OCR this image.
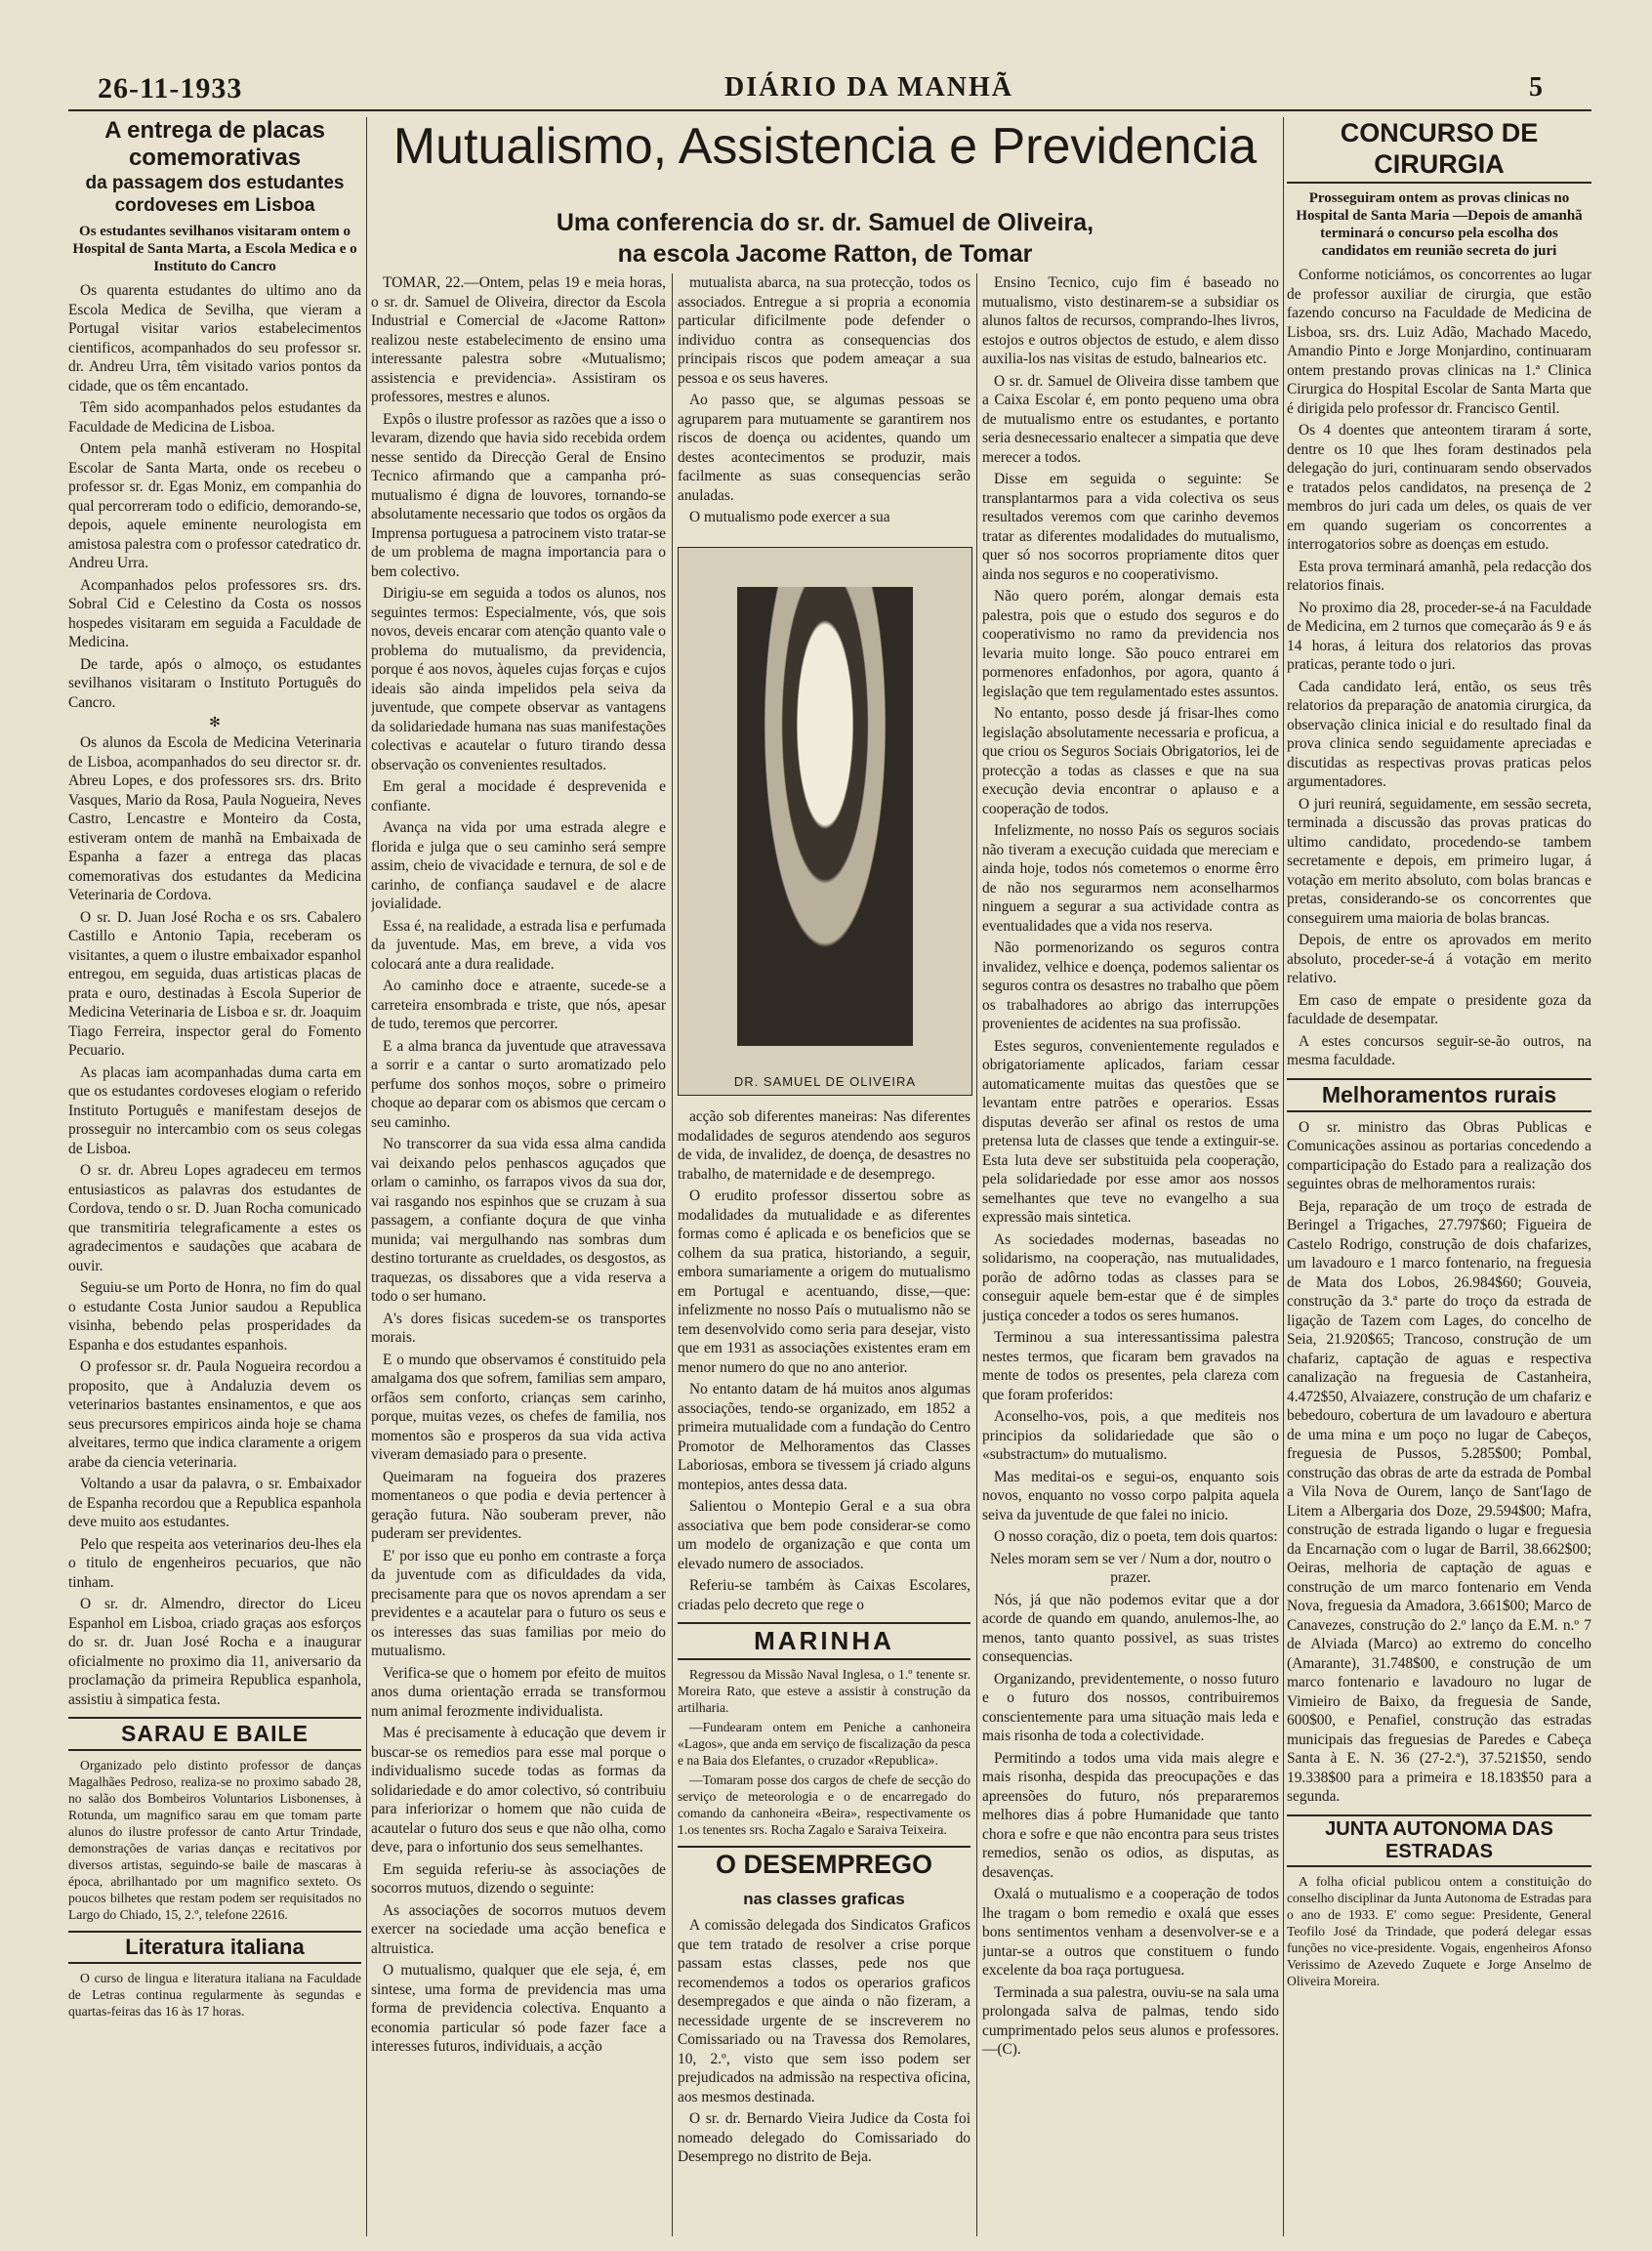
26-11-1933	DIÁRIO DA MANHÃ	5
A entrega de placas comemorativas
da passagem dos estudantes cordoveses em Lisboa
Os estudantes sevilhanos visitaram ontem o Hospital de Santa Marta, a Escola Medica e o Instituto do Cancro

Os quarenta estudantes do ultimo ano da Escola Medica de Sevilha, que vieram a Portugal visitar varios estabelecimentos cientificos, acompanhados do seu professor sr. dr. Andreu Urra, têm visitado varios pontos da cidade, que os têm encantado.

Têm sido acompanhados pelos estudantes da Faculdade de Medicina de Lisboa.

Ontem pela manhã estiveram no Hospital Escolar de Santa Marta, onde os recebeu o professor sr. dr. Egas Moniz, em companhia do qual percorreram todo o edificio, demorando-se, depois, aquele eminente neurologista em amistosa palestra com o professor catedratico dr. Andreu Urra.

Acompanhados pelos professores srs. drs. Sobral Cid e Celestino da Costa os nossos hospedes visitaram em seguida a Faculdade de Medicina.

De tarde, após o almoço, os estudantes sevilhanos visitaram o Instituto Português do Cancro.

✻

Os alunos da Escola de Medicina Veterinaria de Lisboa, acompanhados do seu director sr. dr. Abreu Lopes, e dos professores srs. drs. Brito Vasques, Mario da Rosa, Paula Nogueira, Neves Castro, Lencastre e Monteiro da Costa, estiveram ontem de manhã na Embaixada de Espanha a fazer a entrega das placas comemorativas dos estudantes da Medicina Veterinaria de Cordova.

O sr. D. Juan José Rocha e os srs. Cabalero Castillo e Antonio Tapia, receberam os visitantes, a quem o ilustre embaixador espanhol entregou, em seguida, duas artisticas placas de prata e ouro, destinadas à Escola Superior de Medicina Veterinaria de Lisboa e sr. dr. Joaquim Tiago Ferreira, inspector geral do Fomento Pecuario.

As placas iam acompanhadas duma carta em que os estudantes cordoveses elogiam o referido Instituto Português e manifestam desejos de prosseguir no intercambio com os seus colegas de Lisboa.

O sr. dr. Abreu Lopes agradeceu em termos entusiasticos as palavras dos estudantes de Cordova, tendo o sr. D. Juan Rocha comunicado que transmitiria telegraficamente a estes os agradecimentos e saudações que acabara de ouvir.

Seguiu-se um Porto de Honra, no fim do qual o estudante Costa Junior saudou a Republica visinha, bebendo pelas prosperidades da Espanha e dos estudantes espanhois.

O professor sr. dr. Paula Nogueira recordou a proposito, que à Andaluzia devem os veterinarios bastantes ensinamentos, e que aos seus precursores empiricos ainda hoje se chama alveitares, termo que indica claramente a origem arabe da ciencia veterinaria.

Voltando a usar da palavra, o sr. Embaixador de Espanha recordou que a Republica espanhola deve muito aos estudantes.

Pelo que respeita aos veterinarios deu-lhes ela o titulo de engenheiros pecuarios, que não tinham.

O sr. dr. Almendro, director do Liceu Espanhol em Lisboa, criado graças aos esforços do sr. dr. Juan José Rocha e a inaugurar oficialmente no proximo dia 11, aniversario da proclamação da primeira Republica espanhola, assistiu à simpatica festa.

SARAU E BAILE

Organizado pelo distinto professor de danças Magalhães Pedroso, realiza-se no proximo sabado 28, no salão dos Bombeiros Voluntarios Lisbonenses, à Rotunda, um magnifico sarau em que tomam parte alunos do ilustre professor de canto Artur Trindade, demonstrações de varias danças e recitativos por diversos artistas, seguindo-se baile de mascaras à época, abrilhantado por um magnifico sexteto. Os poucos bilhetes que restam podem ser requisitados no Largo do Chiado, 15, 2.º, telefone 22616.

Literatura italiana

O curso de lingua e literatura italiana na Faculdade de Letras continua regularmente às segundas e quartas-feiras das 16 às 17 horas.

Mutualismo, Assistencia e Previdencia
Uma conferencia do sr. dr. Samuel de Oliveira,
na escola Jacome Ratton, de Tomar

TOMAR, 22.—Ontem, pelas 19 e meia horas, o sr. dr. Samuel de Oliveira, director da Escola Industrial e Comercial de «Jacome Ratton» realizou neste estabelecimento de ensino uma interessante palestra sobre «Mutualismo; assistencia e previdencia». Assistiram os professores, mestres e alunos.

Expôs o ilustre professor as razões que a isso o levaram, dizendo que havia sido recebida ordem nesse sentido da Direcção Geral de Ensino Tecnico afirmando que a campanha pró-mutualismo é digna de louvores, tornando-se absolutamente necessario que todos os orgãos da Imprensa portuguesa a patrocinem visto tratar-se de um problema de magna importancia para o bem colectivo.

Dirigiu-se em seguida a todos os alunos, nos seguintes termos: Especialmente, vós, que sois novos, deveis encarar com atenção quanto vale o problema do mutualismo, da previdencia, porque é aos novos, àqueles cujas forças e cujos ideais são ainda impelidos pela seiva da juventude, que compete observar as vantagens da solidariedade humana nas suas manifestações colectivas e acautelar o futuro tirando dessa observação os convenientes resultados.

Em geral a mocidade é desprevenida e confiante.

Avança na vida por uma estrada alegre e florida e julga que o seu caminho será sempre assim, cheio de vivacidade e ternura, de sol e de carinho, de confiança saudavel e de alacre jovialidade.

Essa é, na realidade, a estrada lisa e perfumada da juventude. Mas, em breve, a vida vos colocará ante a dura realidade.

Ao caminho doce e atraente, sucede-se a carreteira ensombrada e triste, que nós, apesar de tudo, teremos que percorrer.

E a alma branca da juventude que atravessava a sorrir e a cantar o surto aromatizado pelo perfume dos sonhos moços, sobre o primeiro choque ao deparar com os abismos que cercam o seu caminho.

No transcorrer da sua vida essa alma candida vai deixando pelos penhascos aguçados que orlam o caminho, os farrapos vivos da sua dor, vai rasgando nos espinhos que se cruzam à sua passagem, a confiante doçura de que vinha munida; vai mergulhando nas sombras dum destino torturante as crueldades, os desgostos, as traquezas, os dissabores que a vida reserva a todo o ser humano.

A's dores fisicas sucedem-se os transportes morais.

E o mundo que observamos é constituido pela amalgama dos que sofrem, familias sem amparo, orfãos sem conforto, crianças sem carinho, porque, muitas vezes, os chefes de familia, nos momentos são e prosperos da sua vida activa viveram demasiado para o presente.

Queimaram na fogueira dos prazeres momentaneos o que podia e devia pertencer à geração futura. Não souberam prever, não puderam ser previdentes.

E' por isso que eu ponho em contraste a força da juventude com as dificuldades da vida, precisamente para que os novos aprendam a ser previdentes e a acautelar para o futuro os seus e os interesses das suas familias por meio do mutualismo.

Verifica-se que o homem por efeito de muitos anos duma orientação errada se transformou num animal ferozmente individualista.

Mas é precisamente à educação que devem ir buscar-se os remedios para esse mal porque o individualismo sucede todas as formas da solidariedade e do amor colectivo, só contribuiu para inferiorizar o homem que não cuida de acautelar o futuro dos seus e que não olha, como deve, para o infortunio dos seus semelhantes.

Em seguida referiu-se às associações de socorros mutuos, dizendo o seguinte:

As associações de socorros mutuos devem exercer na sociedade uma acção benefica e altruistica.

O mutualismo, qualquer que ele seja, é, em sintese, uma forma de previdencia mas uma forma de previdencia colectiva. Enquanto a economia particular só pode fazer face a interesses futuros, individuais, a acção

mutualista abarca, na sua protecção, todos os associados. Entregue a si propria a economia particular dificilmente pode defender o individuo contra as consequencias dos principais riscos que podem ameaçar a sua pessoa e os seus haveres.

Ao passo que, se algumas pessoas se agruparem para mutuamente se garantirem nos riscos de doença ou acidentes, quando um destes acontecimentos se produzir, mais facilmente as suas consequencias serão anuladas.

O mutualismo pode exercer a sua

acção sob diferentes maneiras: Nas diferentes modalidades de seguros atendendo aos seguros de vida, de invalidez, de doença, de desastres no trabalho, de maternidade e de desemprego.

O erudito professor dissertou sobre as modalidades da mutualidade e as diferentes formas como é aplicada e os beneficios que se colhem da sua pratica, historiando, a seguir, embora sumariamente a origem do mutualismo em Portugal e acentuando, disse,—que: infelizmente no nosso País o mutualismo não se tem desenvolvido como seria para desejar, visto que em 1931 as associações existentes eram em menor numero do que no ano anterior.

No entanto datam de há muitos anos algumas associações, tendo-se organizado, em 1852 a primeira mutualidade com a fundação do Centro Promotor de Melhoramentos das Classes Laboriosas, embora se tivessem já criado alguns montepios, antes dessa data.

Salientou o Montepio Geral e a sua obra associativa que bem pode considerar-se como um modelo de organização e que conta um elevado numero de associados.

Referiu-se também às Caixas Escolares, criadas pelo decreto que rege o

MARINHA

Regressou da Missão Naval Inglesa, o 1.º tenente sr. Moreira Rato, que esteve a assistir à construção da artilharia.

—Fundearam ontem em Peniche a canhoneira «Lagos», que anda em serviço de fiscalização da pesca e na Baia dos Elefantes, o cruzador «Republica».

—Tomaram posse dos cargos de chefe de secção do serviço de meteorologia e o de encarregado do comando da canhoneira «Beira», respectivamente os 1.os tenentes srs. Rocha Zagalo e Saraiva Teixeira.

O DESEMPREGO
nas classes graficas

A comissão delegada dos Sindicatos Graficos que tem tratado de resolver a crise porque passam estas classes, pede nos que recomendemos a todos os operarios graficos desempregados e que ainda o não fizeram, a necessidade urgente de se inscreverem no Comissariado ou na Travessa dos Remolares, 10, 2.º, visto que sem isso podem ser prejudicados na admissão na respectiva oficina, aos mesmos destinada.

O sr. dr. Bernardo Vieira Judice da Costa foi nomeado delegado do Comissariado do Desemprego no distrito de Beja.

DR. SAMUEL DE OLIVEIRA

Ensino Tecnico, cujo fim é baseado no mutualismo, visto destinarem-se a subsidiar os alunos faltos de recursos, comprando-lhes livros, estojos e outros objectos de estudo, e alem disso auxilia-los nas visitas de estudo, balnearios etc.

O sr. dr. Samuel de Oliveira disse tambem que a Caixa Escolar é, em ponto pequeno uma obra de mutualismo entre os estudantes, e portanto seria desnecessario enaltecer a simpatia que deve merecer a todos.

Disse em seguida o seguinte: Se transplantarmos para a vida colectiva os seus resultados veremos com que carinho devemos tratar as diferentes modalidades do mutualismo, quer só nos socorros propriamente ditos quer ainda nos seguros e no cooperativismo.

Não quero porém, alongar demais esta palestra, pois que o estudo dos seguros e do cooperativismo no ramo da previdencia nos levaria muito longe. São pouco entrarei em pormenores enfadonhos, por agora, quanto á legislação que tem regulamentado estes assuntos.

No entanto, posso desde já frisar-lhes como legislação absolutamente necessaria e proficua, a que criou os Seguros Sociais Obrigatorios, lei de protecção a todas as classes e que na sua execução devia encontrar o aplauso e a cooperação de todos.

Infelizmente, no nosso País os seguros sociais não tiveram a execução cuidada que mereciam e ainda hoje, todos nós cometemos o enorme êrro de não nos segurarmos nem aconselharmos ninguem a segurar a sua actividade contra as eventualidades que a vida nos reserva.

Não pormenorizando os seguros contra invalidez, velhice e doença, podemos salientar os seguros contra os desastres no trabalho que põem os trabalhadores ao abrigo das interrupções provenientes de acidentes na sua profissão.

Estes seguros, convenientemente regulados e obrigatoriamente aplicados, fariam cessar automaticamente muitas das questões que se levantam entre patrões e operarios. Essas disputas deverão ser afinal os restos de uma pretensa luta de classes que tende a extinguir-se. Esta luta deve ser substituida pela cooperação, pela solidariedade por esse amor aos nossos semelhantes que teve no evangelho a sua expressão mais sintetica.

As sociedades modernas, baseadas no solidarismo, na cooperação, nas mutualidades, porão de adôrno todas as classes para se conseguir aquele bem-estar que é de simples justiça conceder a todos os seres humanos.

Terminou a sua interessantissima palestra nestes termos, que ficaram bem gravados na mente de todos os presentes, pela clareza com que foram proferidos:

Aconselho-vos, pois, a que mediteis nos principios da solidariedade que são o «substractum» do mutualismo.

Mas meditai-os e segui-os, enquanto sois novos, enquanto no vosso corpo palpita aquela seiva da juventude de que falei no inicio.

O nosso coração, diz o poeta, tem dois quartos:

Neles moram sem se ver / Num a dor, noutro o prazer.

Nós, já que não podemos evitar que a dor acorde de quando em quando, anulemos-lhe, ao menos, tanto quanto possivel, as suas tristes consequencias.

Organizando, previdentemente, o nosso futuro e o futuro dos nossos, contribuiremos conscientemente para uma situação mais leda e mais risonha de toda a colectividade.

Permitindo a todos uma vida mais alegre e mais risonha, despida das preocupações e das apreensões do futuro, nós prepararemos melhores dias á pobre Humanidade que tanto chora e sofre e que não encontra para seus tristes remedios, senão os odios, as disputas, as desavenças.

Oxalá o mutualismo e a cooperação de todos lhe tragam o bom remedio e oxalá que esses bons sentimentos venham a desenvolver-se e a juntar-se a outros que constituem o fundo excelente da boa raça portuguesa.

Terminada a sua palestra, ouviu-se na sala uma prolongada salva de palmas, tendo sido cumprimentado pelos seus alunos e professores.—(C).

CONCURSO DE CIRURGIA
Prosseguiram ontem as provas clinicas no Hospital de Santa Maria —Depois de amanhã terminará o concurso pela escolha dos candidatos em reunião secreta do juri

Conforme noticiámos, os concorrentes ao lugar de professor auxiliar de cirurgia, que estão fazendo concurso na Faculdade de Medicina de Lisboa, srs. drs. Luiz Adão, Machado Macedo, Amandio Pinto e Jorge Monjardino, continuaram ontem prestando provas clinicas na 1.ª Clinica Cirurgica do Hospital Escolar de Santa Marta que é dirigida pelo professor dr. Francisco Gentil.

Os 4 doentes que anteontem tiraram á sorte, dentre os 10 que lhes foram destinados pela delegação do juri, continuaram sendo observados e tratados pelos candidatos, na presença de 2 membros do juri cada um deles, os quais de ver em quando sugeriam os concorrentes a interrogatorios sobre as doenças em estudo.

Esta prova terminará amanhã, pela redacção dos relatorios finais.

No proximo dia 28, proceder-se-á na Faculdade de Medicina, em 2 turnos que começarão ás 9 e ás 14 horas, á leitura dos relatorios das provas praticas, perante todo o juri.

Cada candidato lerá, então, os seus três relatorios da preparação de anatomia cirurgica, da observação clinica inicial e do resultado final da prova clinica sendo seguidamente apreciadas e discutidas as respectivas provas praticas pelos argumentadores.

O juri reunirá, seguidamente, em sessão secreta, terminada a discussão das provas praticas do ultimo candidato, procedendo-se tambem secretamente e depois, em primeiro lugar, á votação em merito absoluto, com bolas brancas e pretas, considerando-se os concorrentes que conseguirem uma maioria de bolas brancas.

Depois, de entre os aprovados em merito absoluto, proceder-se-á á votação em merito relativo.

Em caso de empate o presidente goza da faculdade de desempatar.

A estes concursos seguir-se-ão outros, na mesma faculdade.

Melhoramentos rurais

O sr. ministro das Obras Publicas e Comunicações assinou as portarias concedendo a comparticipação do Estado para a realização dos seguintes obras de melhoramentos rurais:

Beja, reparação de um troço de estrada de Beringel a Trigaches, 27.797$60; Figueira de Castelo Rodrigo, construção de dois chafarizes, um lavadouro e 1 marco fontenario, na freguesia de Mata dos Lobos, 26.984$60; Gouveia, construção da 3.ª parte do troço da estrada de ligação de Tazem com Lages, do concelho de Seia, 21.920$65; Trancoso, construção de um chafariz, captação de aguas e respectiva canalização na freguesia de Castanheira, 4.472$50, Alvaiazere, construção de um chafariz e bebedouro, cobertura de um lavadouro e abertura de uma mina e um poço no lugar de Cabeços, freguesia de Pussos, 5.285$00; Pombal, construção das obras de arte da estrada de Pombal a Vila Nova de Ourem, lanço de Sant'Iago de Litem a Albergaria dos Doze, 29.594$00; Mafra, construção de estrada ligando o lugar e freguesia da Encarnação com o lugar de Barril, 38.662$00; Oeiras, melhoria de captação de aguas e construção de um marco fontenario em Venda Nova, freguesia da Amadora, 3.661$00; Marco de Canavezes, construção do 2.º lanço da E.M. n.º 7 de Alviada (Marco) ao extremo do concelho (Amarante), 31.748$00, e construção de um marco fontenario e lavadouro no lugar de Vimieiro de Baixo, da freguesia de Sande, 600$00, e Penafiel, construção das estradas municipais das freguesias de Paredes e Cabeça Santa à E. N. 36 (27-2.ª), 37.521$50, sendo 19.338$00 para a primeira e 18.183$50 para a segunda.

JUNTA AUTONOMA DAS ESTRADAS

A folha oficial publicou ontem a constituição do conselho disciplinar da Junta Autonoma de Estradas para o ano de 1933. E' como segue: Presidente, General Teofilo José da Trindade, que poderá delegar essas funções no vice-presidente. Vogais, engenheiros Afonso Verissimo de Azevedo Zuquete e Jorge Anselmo de Oliveira Moreira.
